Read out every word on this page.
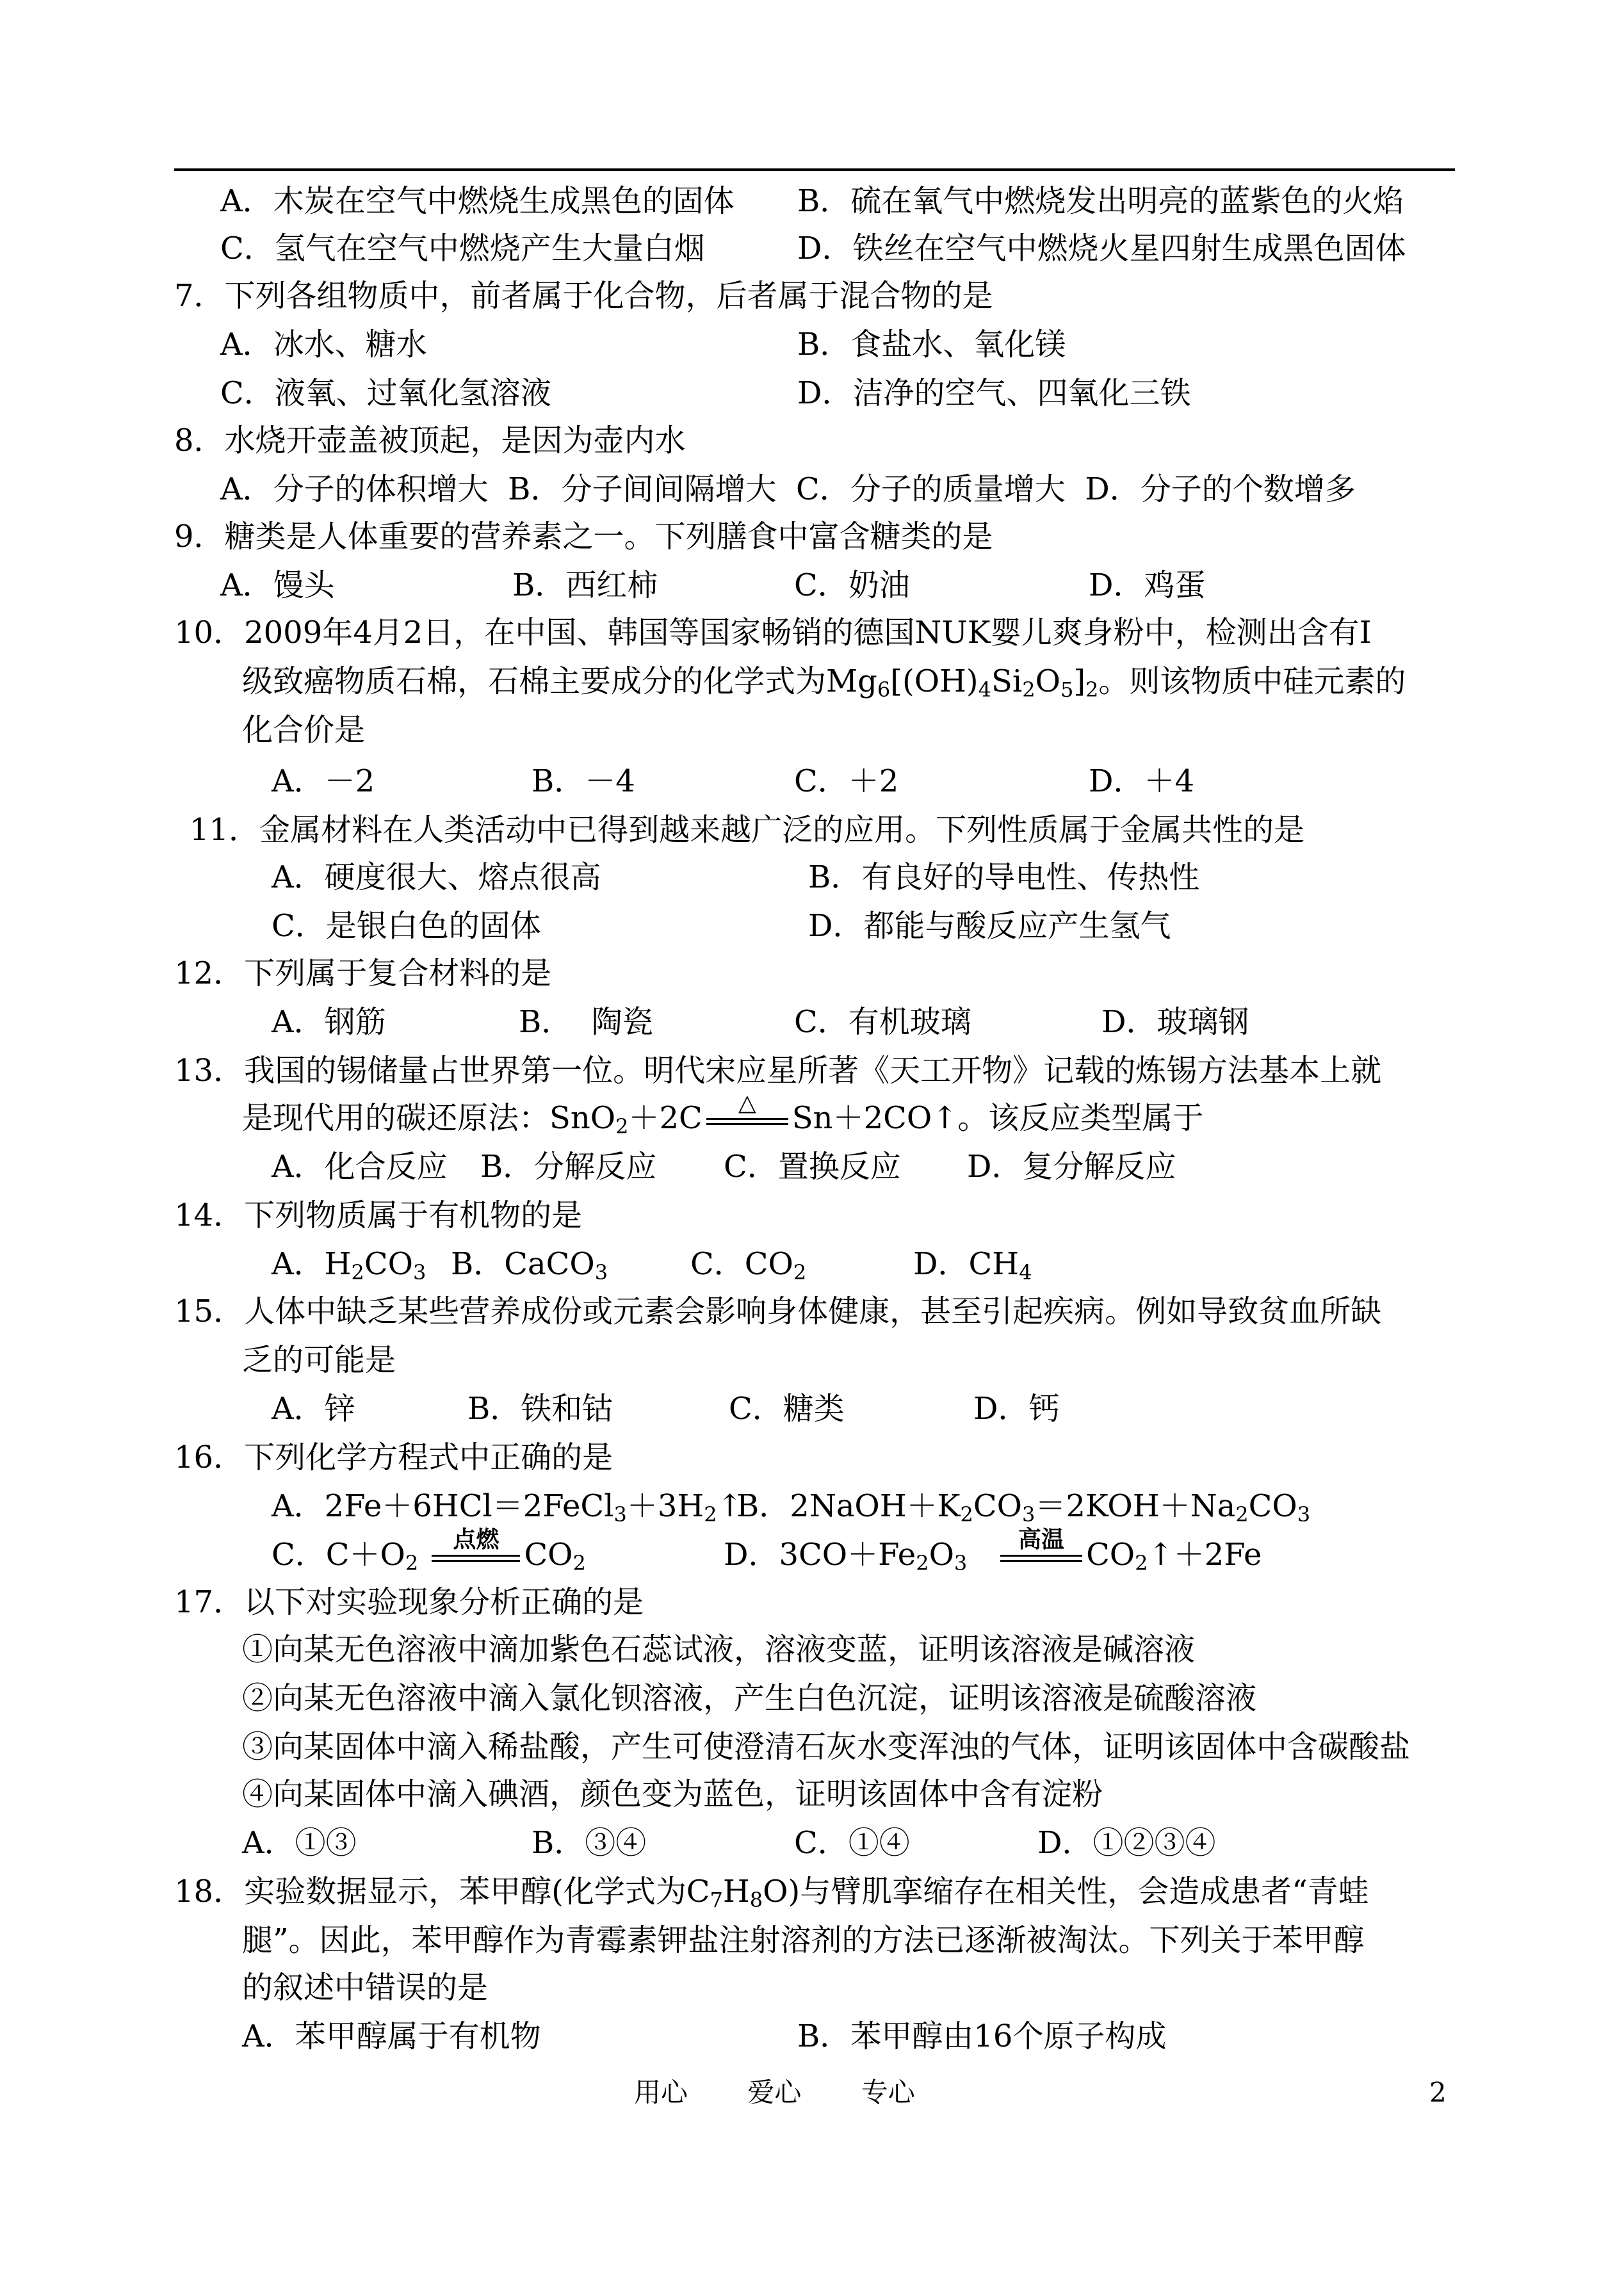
A．木炭在空气中燃烧生成黑色的固体 B．硫在氧气中燃烧发出明亮的蓝紫色的火焰
C．氢气在空气中燃烧产生大量白烟	D．铁丝在空气中燃烧火星四射生成黑色固体
7．下列各组物质中，前者属于化合物，后者属于混合物的是
A．冰水、糖水	B．食盐水、氧化镁
C．液氧、过氧化氢溶液	D．洁净的空气、四氧化三铁
8．水烧开壶盖被顶起，是因为壶内水
A．分子的体积增大  B．分子间间隔增大  C．分子的质量增大  D．分子的个数增多
9．糖类是人体重要的营养素之一。下列膳食中富含糖类的是
A．馒头	B．西红柿	C．奶油	D．鸡蛋
10．2009年4月2日，在中国、韩国等国家畅销的德国NUK婴儿爽身粉中，检测出含有I
级致癌物质石棉，石棉主要成分的化学式为$Mg_6[(OH)_4Si_2O_5]_2$。则该物质中硅元素的
化合价是
A．－2	B．－4	C．＋2	D．＋4
11．金属材料在人类活动中已得到越来越广泛的应用。下列性质属于金属共性的是
A．硬度很大、熔点很高	B．有良好的导电性、传热性
C．是银白色的固体	D．都能与酸反应产生氢气
12．下列属于复合材料的是
A．钢筋	B．  陶瓷	C．有机玻璃	D．玻璃钢
13．我国的锡储量占世界第一位。明代宋应星所著《天工开物》记载的炼锡方法基本上就
是现代用的碳还原法：SnO$_2$＋2C	△	Sn＋2CO↑。该反应类型属于
A．化合反应 B．分解反应 C．置换反应 D．复分解反应
14．下列物质属于有机物的是
A．$H_2CO_3$ B．CaCO$_3$	C．$CO_2$	D．$CH_4$
15．人体中缺乏某些营养成份或元素会影响身体健康，甚至引起疾病。例如导致贫血所缺
乏的可能是
A．锌	B．铁和钴	C．糖类	D．钙
16．下列化学方程式中正确的是
A．$2Fe+6HCl=2FeCl_3+3H_2↑$
B．$2NaOH+K_2CO_3=2KOH+Na_2CO_3$
C．$C+O_2$
点燃 $CO_2$	D．$3CO+Fe_2O_3$
高温 $CO_2↑+2Fe$
17．以下对实验现象分析正确的是
①向某无色溶液中滴加紫色石蕊试液，溶液变蓝，证明该溶液是碱溶液
②向某无色溶液中滴入氯化钡溶液，产生白色沉淀，证明该溶液是硫酸溶液
③向某固体中滴入稀盐酸，产生可使澄清石灰水变浑浊的气体，证明该固体中含碳酸盐
④向某固体中滴入碘酒，颜色变为蓝色，证明该固体中含有淀粉
A．①③	B．③④	C．①④	D．①②③④
18．实验数据显示，苯甲醇(化学式为$C_7H_8O$)与臂肌挛缩存在相关性，会造成患者“青蛙
腿”。因此，苯甲醇作为青霉素钾盐注射溶剂的方法已逐渐被淘汰。下列关于苯甲醇
的叙述中错误的是
A．苯甲醇属于有机物	B．苯甲醇由16个原子构成
用心 爱心 专心	2
